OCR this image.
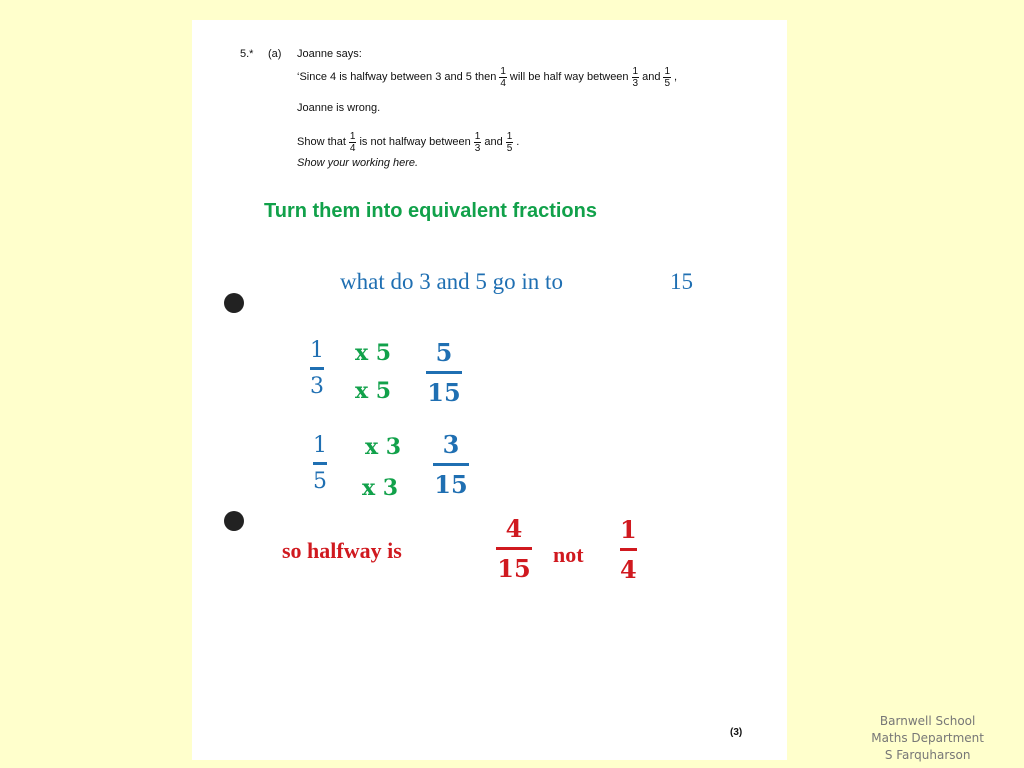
5.* (a) Joanne says:
‘Since 4 is halfway between 3 and 5 then 1
4 will be half way between 1
3 and 1
5 ,
Joanne is wrong.
Show that 1
4 is not halfway between 1
3 and 1
5 .
Show your working here.
Turn them into equivalent fractions
what do 3 and 5 go in to	15
1
3
x 5
x 5
5
15
1
5
x 3
x 3
3
15
so halfway is
4
15 not
1
4
(3)
Barnwell School
Maths Department
S Farquharson
